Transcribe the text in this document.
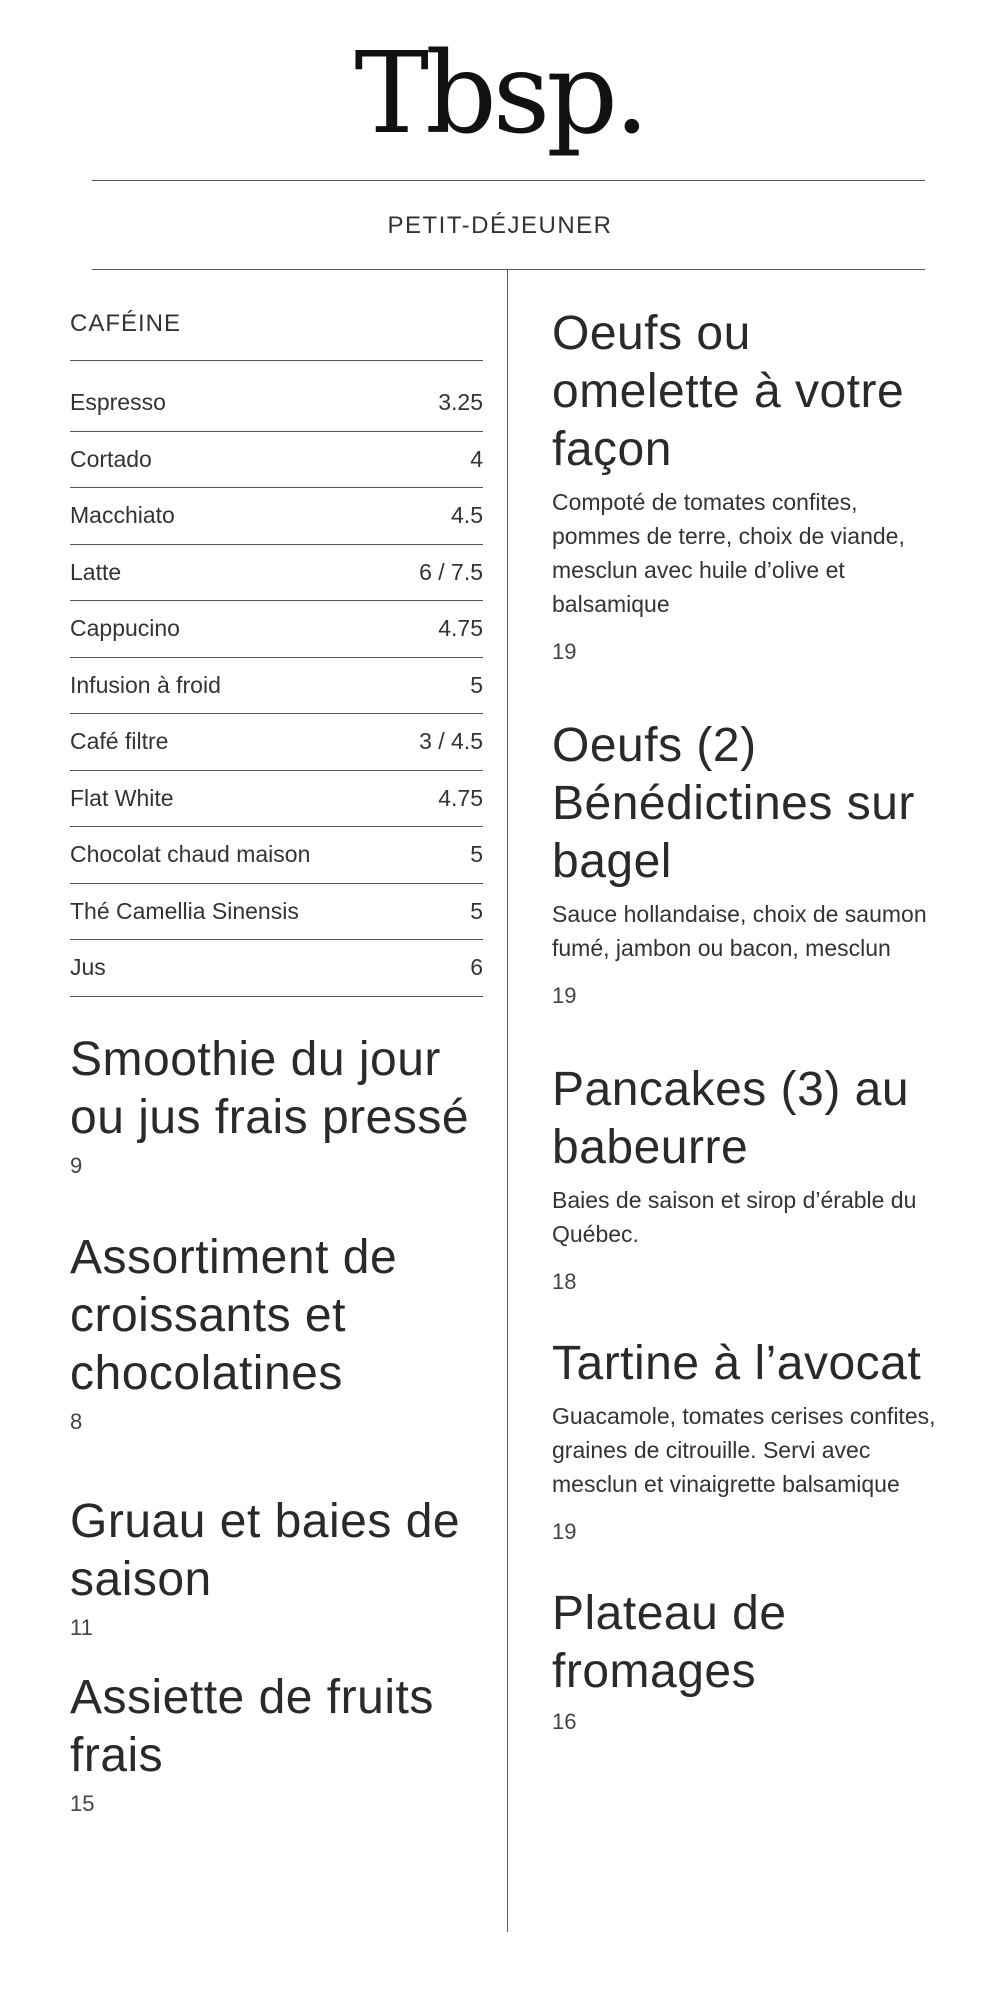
Tbsp.
PETIT-DÉJEUNER
CAFÉINE
Espresso	3.25
Cortado	4
Macchiato	4.5
Latte	6 / 7.5
Cappucino	4.75
Infusion à froid	5
Café filtre	3 / 4.5
Flat White	4.75
Chocolat chaud maison	5
Thé Camellia Sinensis	5
Jus	6
Smoothie du jour ou jus frais pressé
9
Assortiment de croissants et chocolatines
8
Gruau et baies de saison
11
Assiette de fruits frais
15
Oeufs ou omelette à votre façon
Compoté de tomates confites, pommes de terre, choix de viande, mesclun avec huile d’olive et balsamique
19
Oeufs (2) Bénédictines sur bagel
Sauce hollandaise, choix de saumon fumé, jambon ou bacon, mesclun
19
Pancakes (3) au babeurre
Baies de saison et sirop d’érable du Québec.
18
Tartine à l’avocat
Guacamole, tomates cerises confites, graines de citrouille. Servi avec mesclun et vinaigrette balsamique
19
Plateau de fromages
16
